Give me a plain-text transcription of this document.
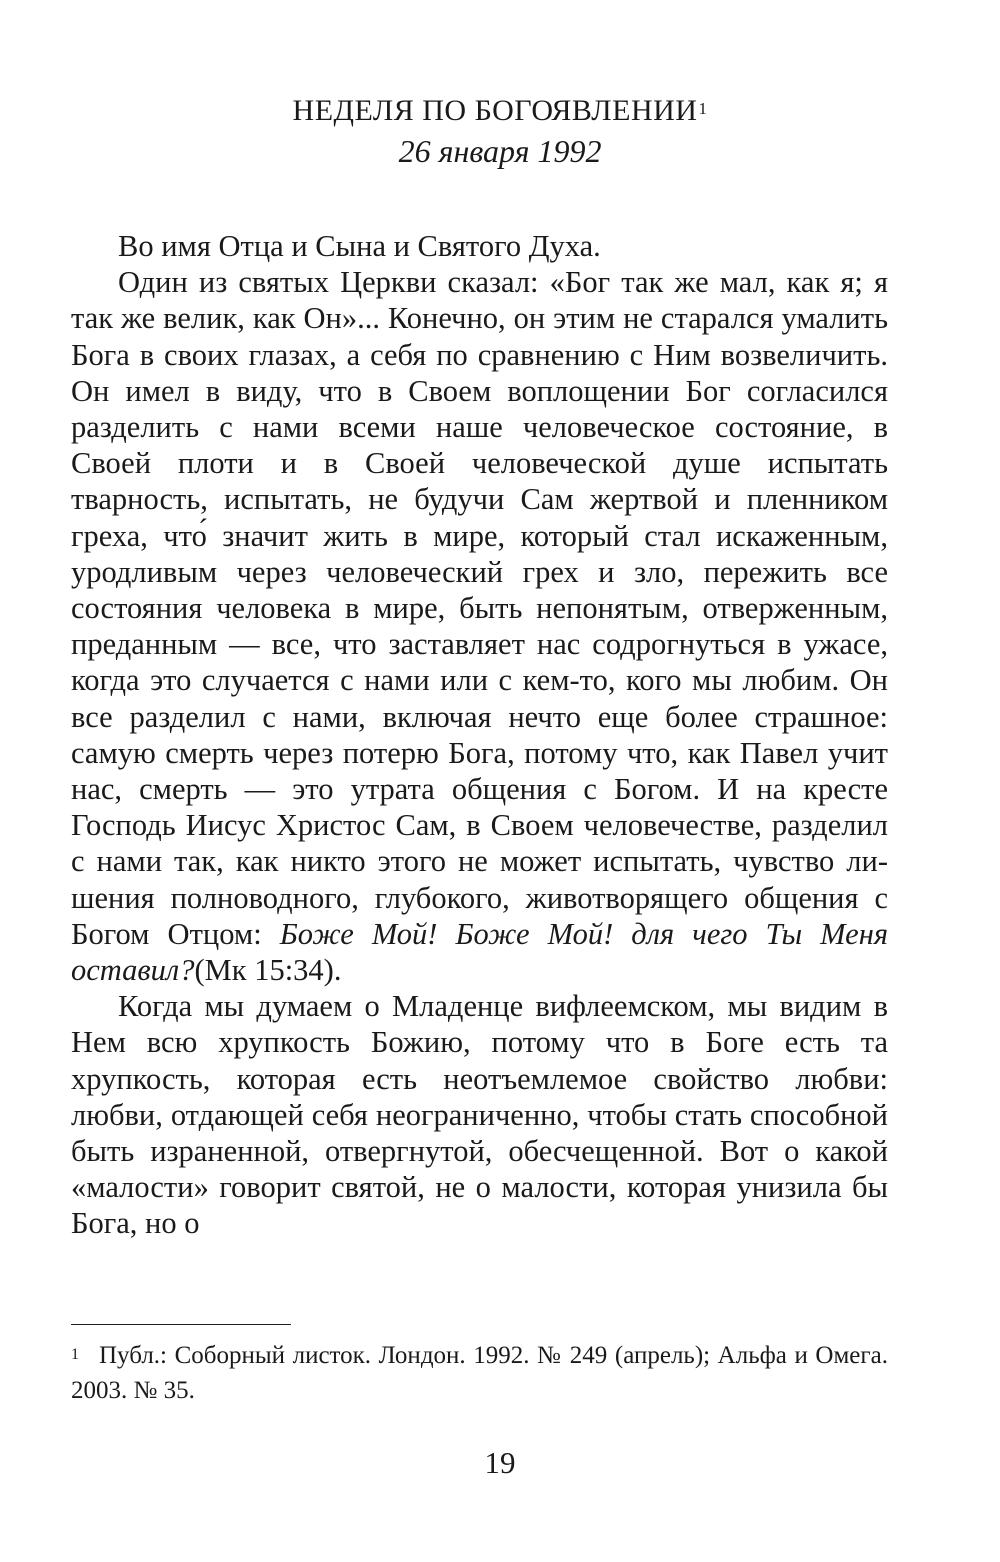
НЕДЕЛЯ ПО БОГОЯВЛЕНИИ$^1$
26 января 1992

Во имя Отца и Сына и Святого Духа.

Один из святых Церкви сказал: «Бог так же мал, как я; я так же велик, как Он»... Конечно, он этим не старался умалить Бога в своих глазах, а себя по сравнению с Ним возвеличить. Он имел в виду, что в Своем воплощении Бог согласился разделить с нами всеми наше человеческое состояние, в Своей плоти и в Своей человеческой душе испытать тварность, испытать, не будучи Сам жертвой и пленником греха, что́ значит жить в мире, который стал искаженным, уродливым через человеческий грех и зло, пережить все состояния человека в мире, быть непонятым, отверженным, преданным — все, что заставляет нас содрогнуться в ужасе, когда это случается с нами или с кем-то, кого мы любим. Он все разделил с нами, включая нечто еще более страшное: самую смерть через потерю Бога, потому что, как Павел учит нас, смерть — это утрата общения с Богом. И на кресте Господь Иисус Христос Сам, в Своем человечестве, разделил с нами так, как никто этого не может испытать, чувство лишения полноводного, глубокого, животворящего общения с Богом Отцом: Боже Мой! Боже Мой! для чего Ты Меня оставил?(Мк 15:34).

Когда мы думаем о Младенце вифлеемском, мы видим в Нем всю хрупкость Божию, потому что в Боге есть та хрупкость, которая есть неотъемлемое свойство любви: любви, отдающей себя неограниченно, чтобы стать способной быть израненной, отвергнутой, обесчещенной. Вот о какой «малости» говорит святой, не о малости, которая унизила бы Бога, но о

1 Публ.: Соборный листок. Лондон. 1992. № 249 (апрель); Альфа и Омега. 2003. № 35.
19
